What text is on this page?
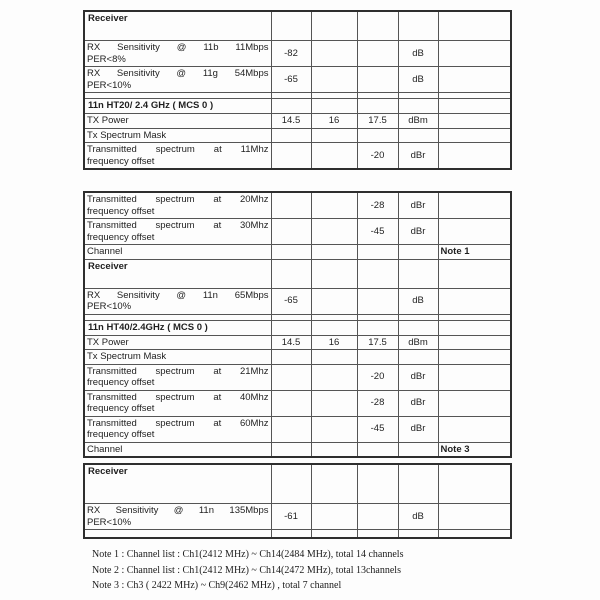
Receiver					

RX Sensitivity @ 11b 11Mbps
PER<8%	-82			dB	

RX Sensitivity @ 11g 54Mbps
PER<10%	-65			dB	

11n HT20/ 2.4 GHz ( MCS 0 )					
TX Power	14.5	16	17.5	dBm	
Tx Spectrum Mask					

Transmitted spectrum at 11Mhz
frequency offset			-20	dBr	
Transmitted spectrum at 20Mhz
frequency offset			-28	dBr	

Transmitted spectrum at 30Mhz
frequency offset			-45	dBr	
Channel					Note 1
Receiver					

RX Sensitivity @ 11n 65Mbps
PER<10%	-65			dB	

11n HT40/2.4GHz ( MCS 0 )					
TX Power	14.5	16	17.5	dBm	
Tx Spectrum Mask					

Transmitted spectrum at 21Mhz
frequency offset			-20	dBr	

Transmitted spectrum at 40Mhz
frequency offset			-28	dBr	

Transmitted spectrum at 60Mhz
frequency offset			-45	dBr	
Channel					Note 3
Receiver					

RX Sensitivity @ 11n 135Mbps
PER<10%	-61			dB	

Note 1 : Channel list : Ch1(2412 MHz) ~ Ch14(2484 MHz), total 14 channels
Note 2 : Channel list : Ch1(2412 MHz) ~ Ch14(2472 MHz), total 13channels
Note 3 : Ch3 ( 2422 MHz) ~ Ch9(2462 MHz) , total 7 channel
